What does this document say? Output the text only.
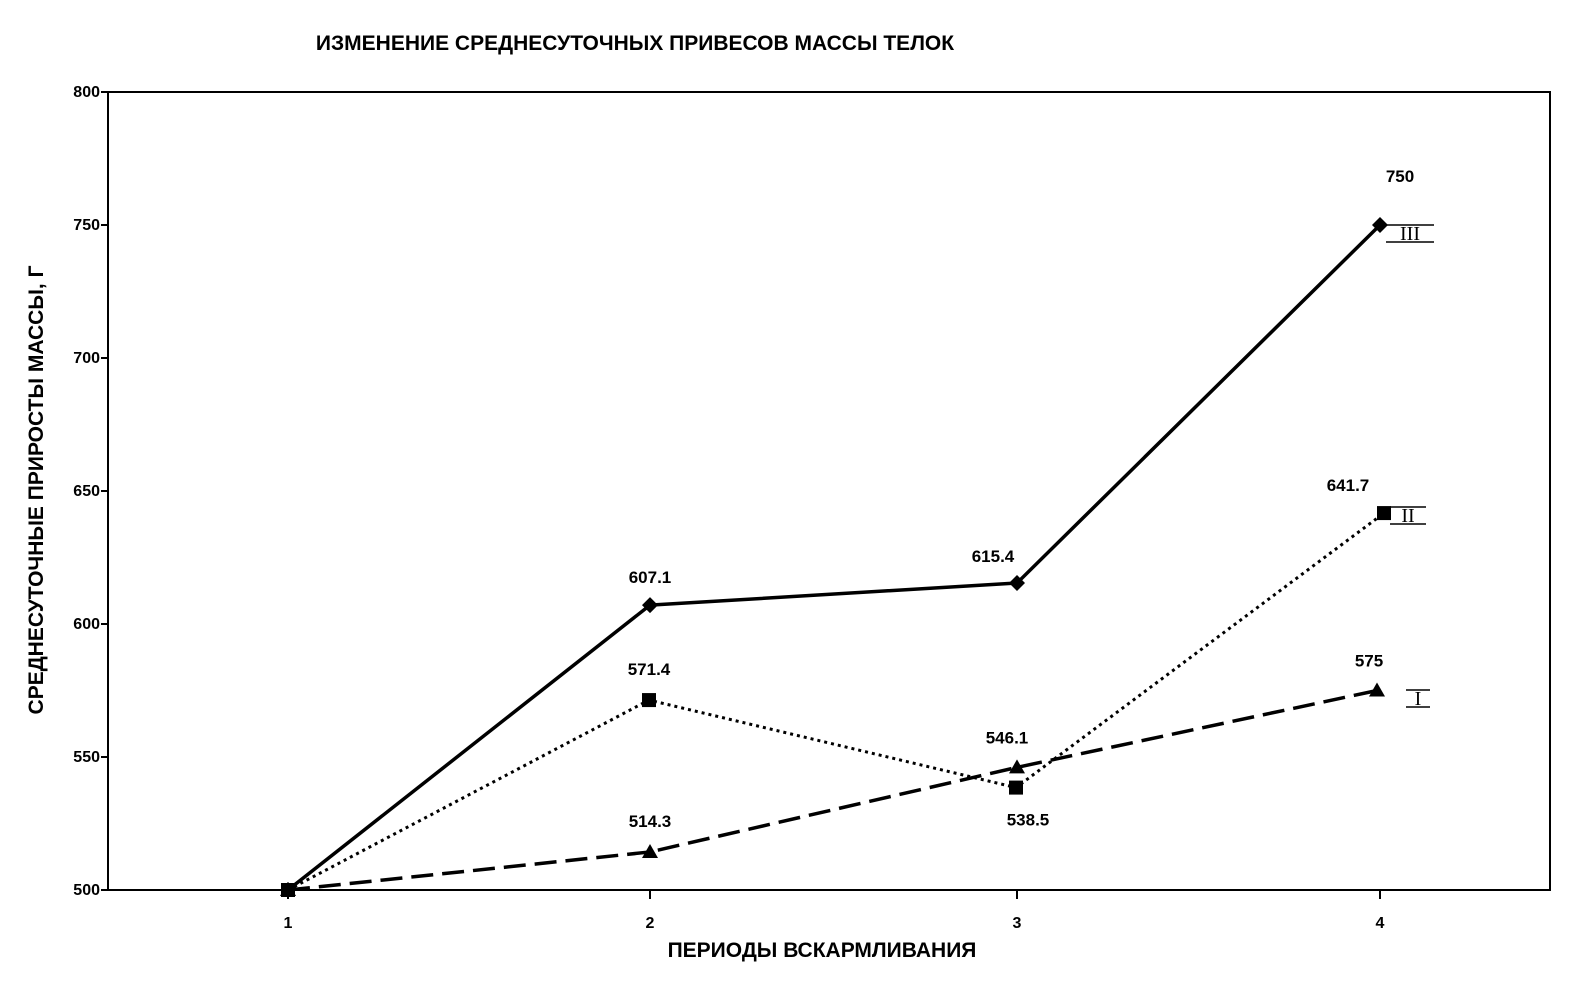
ИЗМЕНЕНИЕ СРЕДНЕСУТОЧНЫХ ПРИВЕСОВ МАССЫ ТЕЛОК
500
550
600
650
700
750
800
1	2	3	4
СРЕДНЕСУТОЧНЫЕ ПРИРОСТЫ МАССЫ, Г
ПЕРИОДЫ ВСКАРМЛИВАНИЯ
607.1
615.4
750
III
571.4
538.5
641.7
II
514.3
546.1
575
I
